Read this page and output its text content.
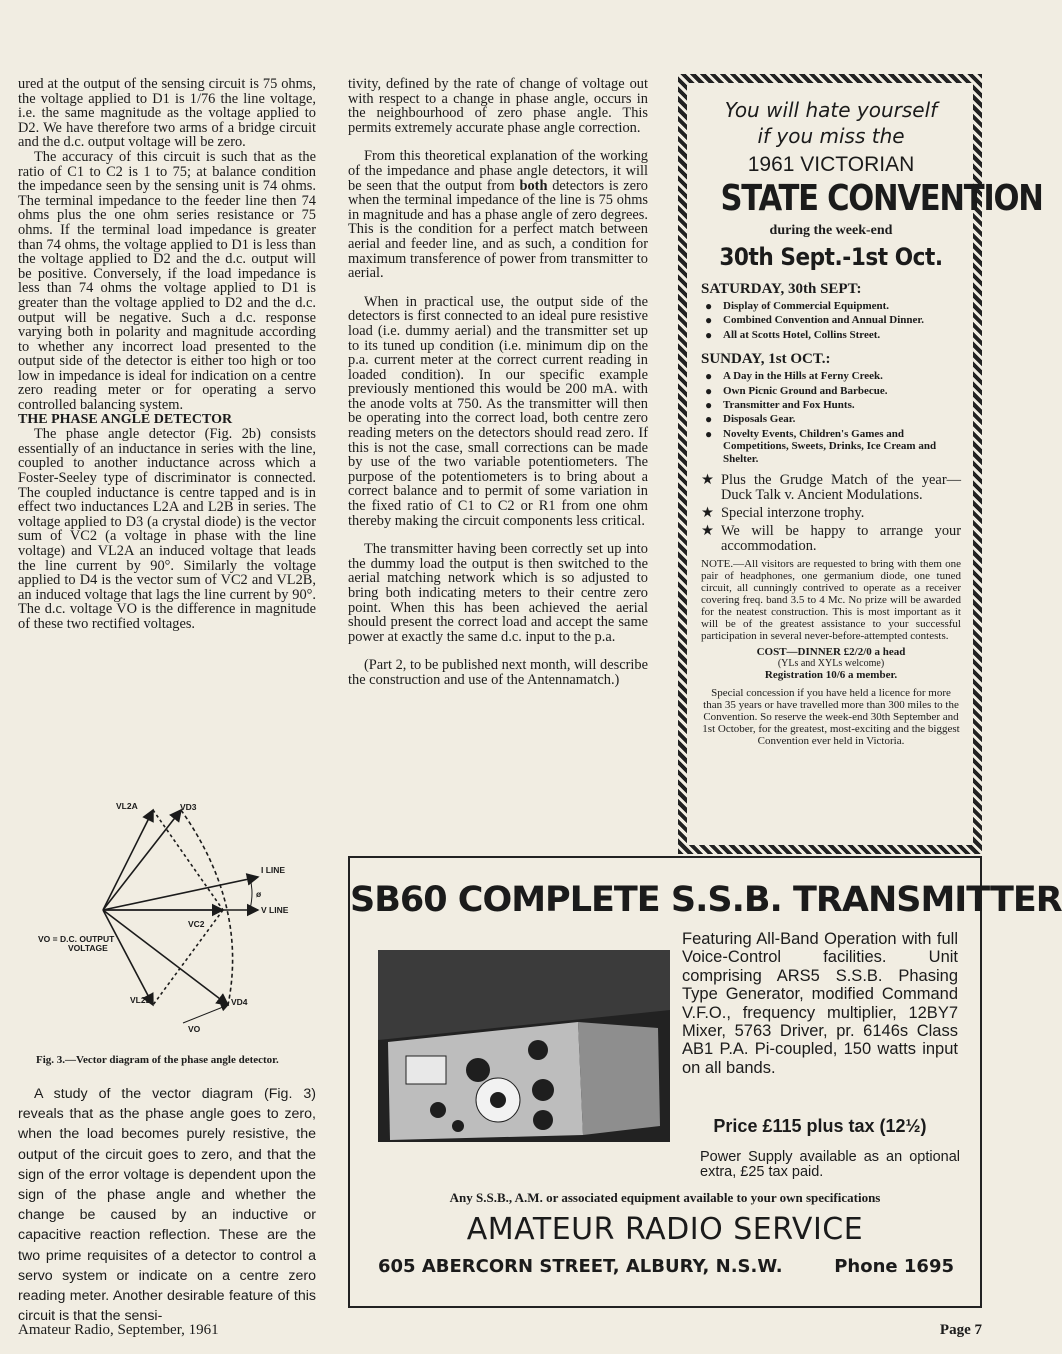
ured at the output of the sensing circuit is 75 ohms, the voltage applied to D1 is 1/76 the line voltage, i.e. the same magnitude as the voltage applied to D2. We have therefore two arms of a bridge circuit and the d.c. output voltage will be zero.

The accuracy of this circuit is such that as the ratio of C1 to C2 is 1 to 75; at balance condition the impedance seen by the sensing unit is 74 ohms. The terminal impedance to the feeder line then 74 ohms plus the one ohm series resistance or 75 ohms. If the terminal load impedance is greater than 74 ohms, the voltage applied to D1 is less than the voltage applied to D2 and the d.c. output will be positive. Conversely, if the load impedance is less than 74 ohms the voltage applied to D1 is greater than the voltage applied to D2 and the d.c. output will be negative. Such a d.c. response varying both in polarity and magnitude according to whether any incorrect load presented to the output side of the detector is either too high or too low in impedance is ideal for indication on a centre zero reading meter or for operating a servo controlled balancing system.

THE PHASE ANGLE DETECTOR

The phase angle detector (Fig. 2b) consists essentially of an inductance in series with the line, coupled to another inductance across which a Foster-Seeley type of discriminator is connected. The coupled inductance is centre tapped and is in effect two inductances L2A and L2B in series. The voltage applied to D3 (a crystal diode) is the vector sum of VC2 (a voltage in phase with the line voltage) and VL2A an induced voltage that leads the line current by 90°. Similarly the voltage applied to D4 is the vector sum of VC2 and VL2B, an induced voltage that lags the line current by 90°. The d.c. voltage VO is the difference in magnitude of these two rectified voltages.

VL2A	VD3
I LINE
ø
V LINE
VC2
VO = D.C. OUTPUT
VOLTAGE
VL2B	VD4
VO

Fig. 3.—Vector diagram of the phase angle detector.

A study of the vector diagram (Fig. 3) reveals that as the phase angle goes to zero, when the load becomes purely resistive, the output of the circuit goes to zero, and that the sign of the error voltage is dependent upon the sign of the phase angle and whether the change be caused by an inductive or capacitive reaction reflection. These are the two prime requisites of a detector to control a servo system or indicate on a centre zero reading meter. Another desirable feature of this circuit is that the sensi-

tivity, defined by the rate of change of voltage out with respect to a change in phase angle, occurs in the neighbourhood of zero phase angle. This permits extremely accurate phase angle correction.

From this theoretical explanation of the working of the impedance and phase angle detectors, it will be seen that the output from both detectors is zero when the terminal impedance of the line is 75 ohms in magnitude and has a phase angle of zero degrees. This is the condition for a perfect match between aerial and feeder line, and as such, a condition for maximum transference of power from transmitter to aerial.

When in practical use, the output side of the detectors is first connected to an ideal pure resistive load (i.e. dummy aerial) and the transmitter set up to its tuned up condition (i.e. minimum dip on the p.a. current meter at the correct current reading in loaded condition). In our specific example previously mentioned this would be 200 mA. with the anode volts at 750. As the transmitter will then be operating into the correct load, both centre zero reading meters on the detectors should read zero. If this is not the case, small corrections can be made by use of the two variable potentiometers. The purpose of the potentiometers is to bring about a correct balance and to permit of some variation in the fixed ratio of C1 to C2 or R1 from one ohm thereby making the circuit components less critical.

The transmitter having been correctly set up into the dummy load the output is then switched to the aerial matching network which is so adjusted to bring both indicating meters to their centre zero point. When this has been achieved the aerial should present the correct load and accept the same power at exactly the same d.c. input to the p.a.

(Part 2, to be published next month, will describe the construction and use of the Antennamatch.)

You will hate yourself
if you miss the
1961 VICTORIAN
STATE CONVENTION
during the week-end
30th Sept.-1st Oct.
SATURDAY, 30th SEPT:
● Display of Commercial Equipment.
● Combined Convention and Annual Dinner.
● All at Scotts Hotel, Collins Street.
SUNDAY, 1st OCT.:
● A Day in the Hills at Ferny Creek.
● Own Picnic Ground and Barbecue.
● Transmitter and Fox Hunts.
● Disposals Gear.
● Novelty Events, Children's Games and Competitions, Sweets, Drinks, Ice Cream and Shelter.
★ Plus the Grudge Match of the year—Duck Talk v. Ancient Modulations.
★ Special interzone trophy.
★ We will be happy to arrange your accommodation.
NOTE.—All visitors are requested to bring with them one pair of headphones, one germanium diode, one tuned circuit, all cunningly contrived to operate as a receiver covering freq. band 3.5 to 4 Mc. No prize will be awarded for the neatest construction. This is most important as it will be of the greatest assistance to your successful participation in several never-before-attempted contests.
COST—DINNER £2/2/0 a head
(YLs and XYLs welcome)
Registration 10/6 a member.
Special concession if you have held a licence for more than 35 years or have travelled more than 300 miles to the Convention. So reserve the week-end 30th September and 1st October, for the greatest, most-exciting and the biggest Convention ever held in Victoria.
SB60 COMPLETE S.S.B. TRANSMITTER
Featuring All-Band Operation with full Voice-Control facilities. Unit comprising ARS5 S.S.B. Phasing Type Generator, modified Command V.F.O., frequency multiplier, 12BY7 Mixer, 5763 Driver, pr. 6146s Class AB1 P.A. Pi-coupled, 150 watts input on all bands.
Price £115 plus tax (12½)
Power Supply available as an optional extra, £25 tax paid.
Any S.S.B., A.M. or associated equipment available to your own specifications
AMATEUR RADIO SERVICE
605 ABERCORN STREET, ALBURY, N.S.W.	Phone 1695
Amateur Radio, September, 1961	Page 7
